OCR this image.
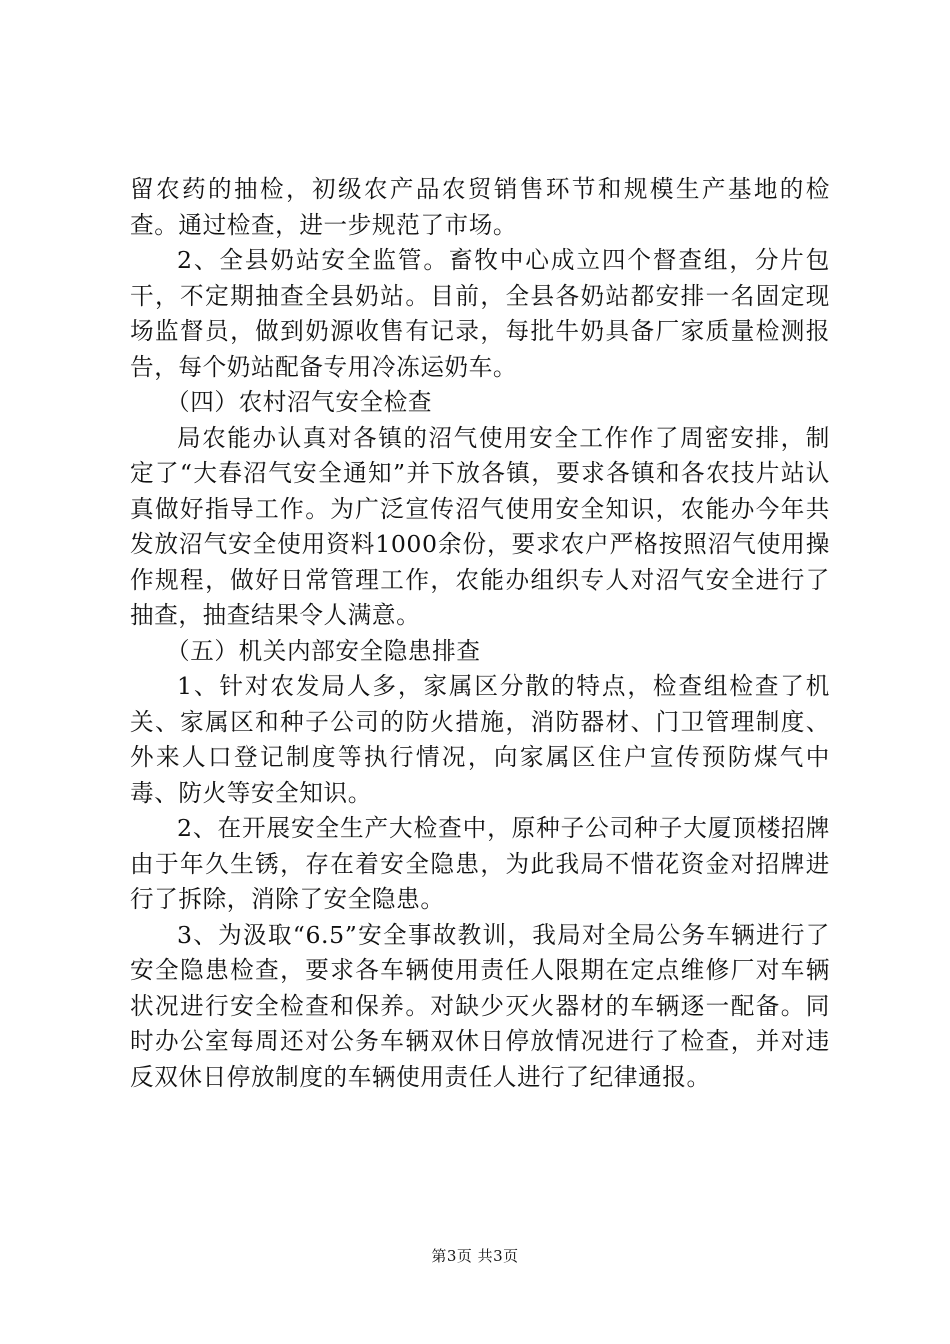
留农药的抽检，初级农产品农贸销售环节和规模生产基地的检查。通过检查，进一步规范了市场。

2、全县奶站安全监管。畜牧中心成立四个督查组，分片包干，不定期抽查全县奶站。目前，全县各奶站都安排一名固定现场监督员，做到奶源收售有记录，每批牛奶具备厂家质量检测报告，每个奶站配备专用冷冻运奶车。

（四）农村沼气安全检查

局农能办认真对各镇的沼气使用安全工作作了周密安排，制定了“大春沼气安全通知”并下放各镇，要求各镇和各农技片站认真做好指导工作。为广泛宣传沼气使用安全知识，农能办今年共发放沼气安全使用资料1000余份，要求农户严格按照沼气使用操作规程，做好日常管理工作，农能办组织专人对沼气安全进行了抽查，抽查结果令人满意。

（五）机关内部安全隐患排查

1、针对农发局人多，家属区分散的特点，检查组检查了机关、家属区和种子公司的防火措施，消防器材、门卫管理制度、外来人口登记制度等执行情况，向家属区住户宣传预防煤气中毒、防火等安全知识。

2、在开展安全生产大检查中，原种子公司种子大厦顶楼招牌由于年久生锈，存在着安全隐患，为此我局不惜花资金对招牌进行了拆除，消除了安全隐患。

3、为汲取“6.5”安全事故教训，我局对全局公务车辆进行了安全隐患检查，要求各车辆使用责任人限期在定点维修厂对车辆状况进行安全检查和保养。对缺少灭火器材的车辆逐一配备。同时办公室每周还对公务车辆双休日停放情况进行了检查，并对违反双休日停放制度的车辆使用责任人进行了纪律通报。

第3页 共3页
